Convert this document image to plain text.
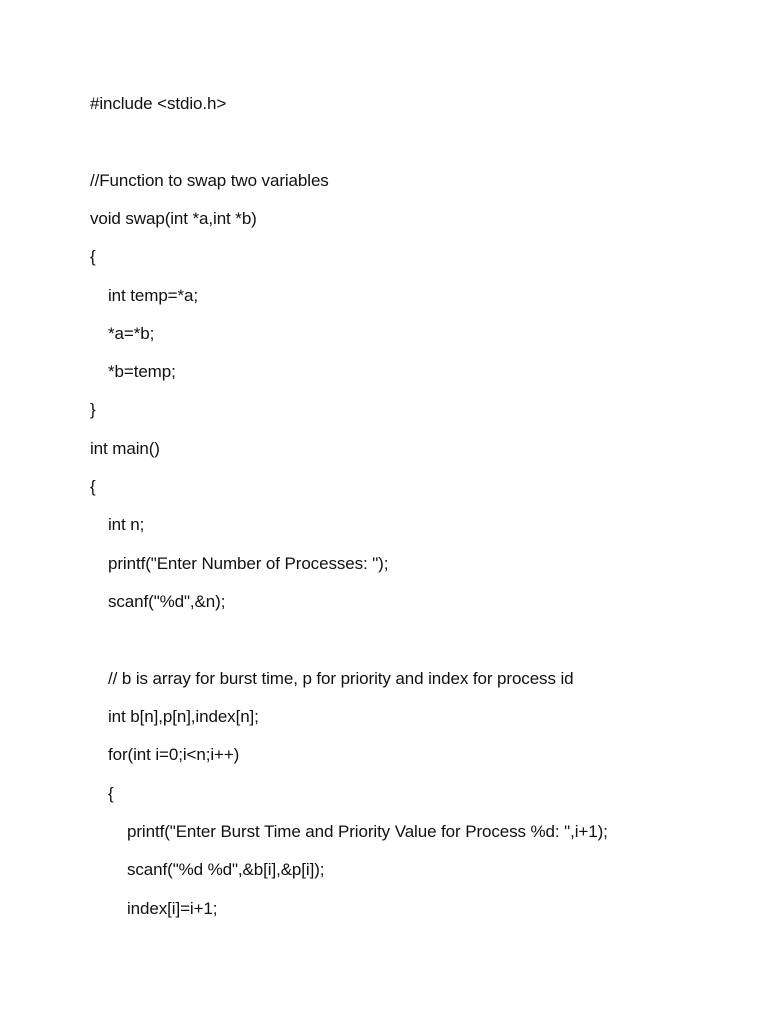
#include <stdio.h>
//Function to swap two variables
void swap(int *a,int *b)
{
int temp=*a;
*a=*b;
*b=temp;
}
int main()
{
int n;
printf("Enter Number of Processes: ");
scanf("%d",&n);
// b is array for burst time, p for priority and index for process id
int b[n],p[n],index[n];
for(int i=0;i<n;i++)
{
printf("Enter Burst Time and Priority Value for Process %d: ",i+1);
scanf("%d %d",&b[i],&p[i]);
index[i]=i+1;
